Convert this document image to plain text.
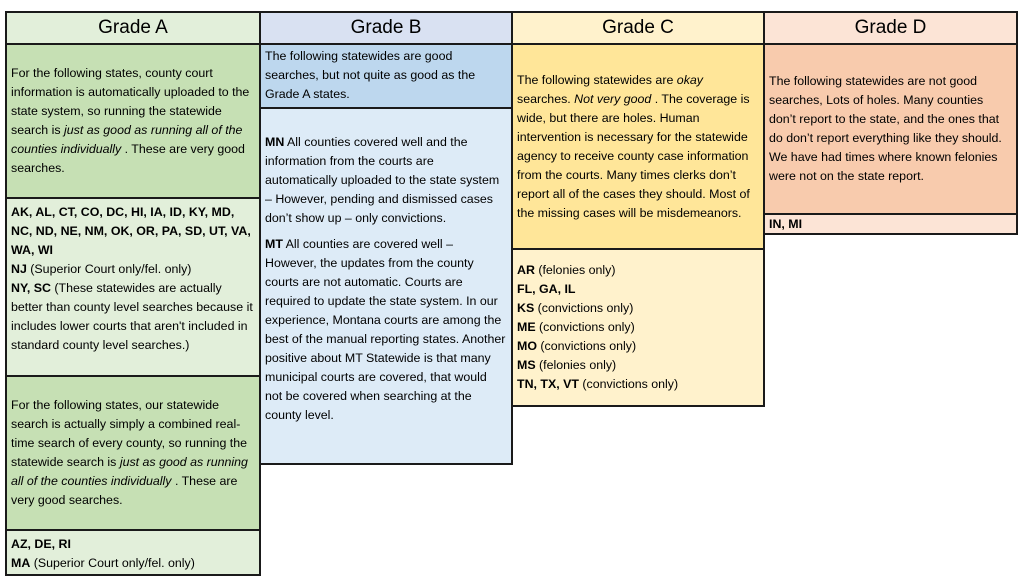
Grade A
For the following states, county court information is automatically uploaded to the state system, so running the statewide search is just as good as running all of the counties individually . These are very good searches.
AK, AL, CT, CO, DC, HI, IA, ID, KY, MD, NC, ND, NE, NM, OK, OR, PA, SD, UT, VA, WA, WI
NJ (Superior Court only/fel. only)
NY, SC (These statewides are actually better than county level searches because it includes lower courts that aren't included in standard county level searches.)
For the following states, our statewide search is actually simply a combined real-time search of every county, so running the statewide search is just as good as running all of the counties individually . These are very good searches.
AZ, DE, RI
MA (Superior Court only/fel. only)
Grade B
The following statewides are good searches, but not quite as good as the Grade A states.
MN All counties covered well and the information from the courts are automatically uploaded to the state system – However, pending and dismissed cases don’t show up – only convictions.
MT All counties are covered well – However, the updates from the county courts are not automatic. Courts are required to update the state system. In our experience, Montana courts are among the best of the manual reporting states. Another positive about MT Statewide is that many municipal courts are covered, that would not be covered when searching at the county level.
Grade C
The following statewides are okay searches. Not very good . The coverage is wide, but there are holes. Human intervention is necessary for the statewide agency to receive county case information from the courts. Many times clerks don’t report all of the cases they should. Most of the missing cases will be misdemeanors.
AR (felonies only)
FL, GA, IL
KS (convictions only)
ME (convictions only)
MO (convictions only)
MS (felonies only)
TN, TX, VT (convictions only)
Grade D
The following statewides are not good searches, Lots of holes. Many counties don’t report to the state, and the ones that do don’t report everything like they should. We have had times where known felonies were not on the state report.
IN, MI
